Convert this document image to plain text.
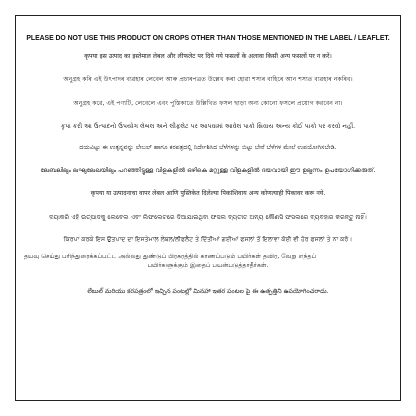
PLEASE DO NOT USE THIS PRODUCT ON CROPS OTHER THAN THOSE MENTIONED IN THE LABEL / LEAFLET.

कृपया इस उत्पाद का इस्तेमाल लेबल और लीफलेट पर दिये गये फसलों के अलावा किसी अन्य फसलों पर न करें।

অনুগ্ৰহ কৰি এই উৎপাদৰ ব্যৱহাৰ লেবেল আৰু প্ৰচাৰপত্ৰত উল্লেখ কৰা হোৱা শস্যৰ বাহিৰে আন শস্যত ব্যৱহাৰ নকৰিব।

অনুগ্রহ করে, এই পণ্যটি, লেবেলে এবং পুস্তিকাতে উল্লিখিত ফসল ছাড়া অন্য কোনো ফসলে প্রয়োগ করবেন না।

કૃપા કરી આ ઉત્પાદનો ઉપયોગ લેબલ અને લીફલેટ પર આપવામાં આવેલ પાકો સિવાય અન્ય કોઈ પાકો પર કરવો નહીં.

ದಯವಿಟ್ಟು ಈ ಉತ್ಪನ್ನವನ್ನು ಲೇಬಲ್ ಹಾಗೂ ಕರಪತ್ರದಲ್ಲಿ ನಿರ್ದೇಶಿಸಿದ ಬೆಳೆಗಳನ್ನು ಬಿಟ್ಟು ಬೇರೆ ಬೆಳೆಗಳ ಮೇಲೆ ಉಪಯೋಗಿಸಬೇಡಿ.

ലേബലിലും ലഘുലേഖയിലും പറഞ്ഞിട്ടുള്ള വിളകളിൽ ഒഴികെ മറ്റുള്ള വിളകളിൽ ദയവായി ഈ ഉല്പന്നം ഉപയോഗിക്കരുത്.

कृपया या उत्पादनाचा वापर लेबल आणि पुस्तिकेत दिलेल्या पिकांशिवाय अन्य कोणत्याही पिकावर करू नये.

ଦୟାକରି ଏହି ଉତ୍ପାଦକୁ ଲେବେଲ ଏବଂ ଲିଫଲେଟରେ ଦିଆଯାଇଥିବା ଫସଲ ବ୍ୟତୀତ ଅନ୍ୟ କୌଣସି ଫସଲରେ ବ୍ୟବହାର କରନ୍ତୁ ନାହିଁ।

ਕਿਰਪਾ ਕਰਕੇ ਇਸ ਉਤਪਾਦ ਦਾ ਇਸਤੇਮਾਲ ਲੇਬਲ/ਲੀਫਲੈਟ ਤੇ ਦਿੱਤੀਆਂ ਗਈਆਂ ਫਸਲਾਂ ਤੋਂ ਇਲਾਵਾ ਕੋਈ ਵੀ ਹੋਰ ਫਸਲਾਂ ਤੇ ਨਾ ਕਰੋ।

தயவு செய்து பரிந்துரைக்கப்பட்ட அல்லது துண்டுப் பிரசுரத்தில் காணப்படும் பயிர்கள் தவிர, வேறு எந்தப்

பயிர்களுக்கும் இதைப் பயன்படுத்தாதீர்கள்.

లేబుల్ మరియు కరపత్రంలో ఇచ్చిన పంటల్లో మినహా ఇతర పంటల పై ఈ ఉత్పత్తిని ఉపయోగించరాదు.
